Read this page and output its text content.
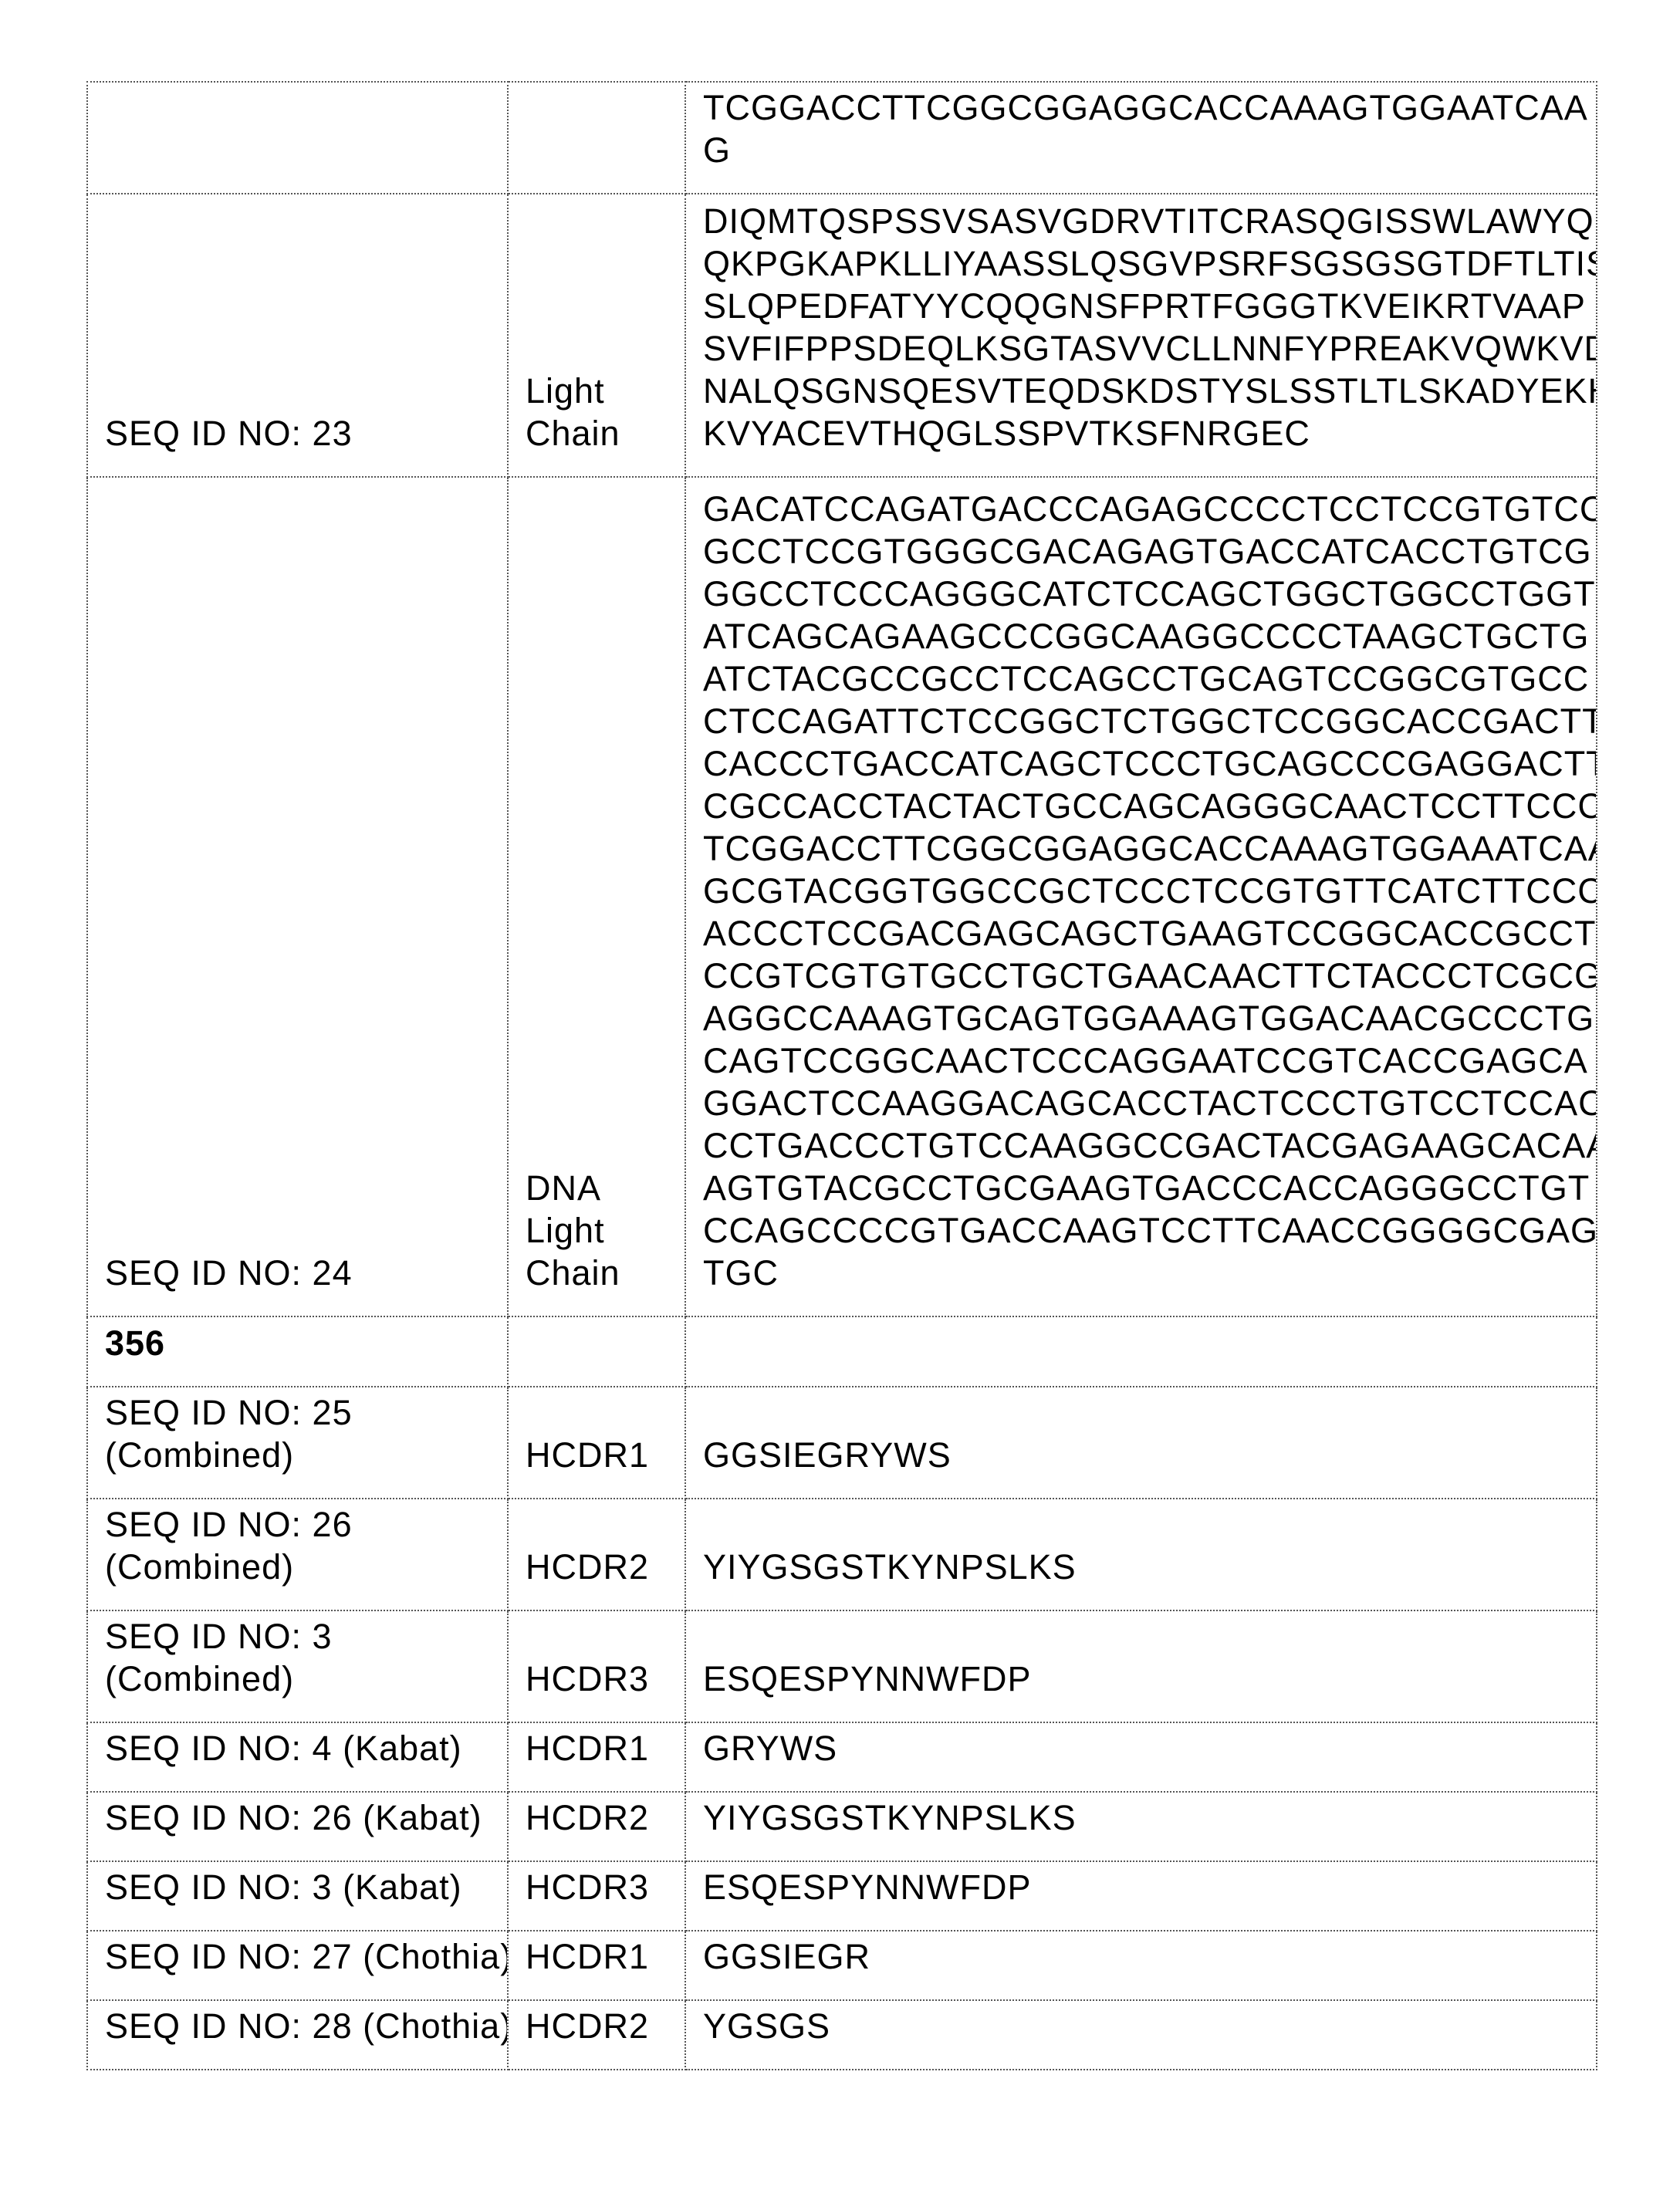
TCGGACCTTCGGCGGAGGCACCAAAGTGGAATCAA
G

SEQ ID NO: 23

Light
Chain

DIQMTQSPSSVSASVGDRVTITCRASQGISSWLAWYQ
QKPGKAPKLLIYAASSLQSGVPSRFSGSGSGTDFTLTIS
SLQPEDFATYYCQQGNSFPRTFGGGTKVEIKRTVAAP
SVFIFPPSDEQLKSGTASVVCLLNNFYPREAKVQWKVD
NALQSGNSQESVTEQDSKDSTYSLSSTLTLSKADYEKH
KVYACEVTHQGLSSPVTKSFNRGEC

SEQ ID NO: 24

DNA
Light
Chain

GACATCCAGATGACCCAGAGCCCCTCCTCCGTGTCC
GCCTCCGTGGGCGACAGAGTGACCATCACCTGTCG
GGCCTCCCAGGGCATCTCCAGCTGGCTGGCCTGGT
ATCAGCAGAAGCCCGGCAAGGCCCCTAAGCTGCTG
ATCTACGCCGCCTCCAGCCTGCAGTCCGGCGTGCC
CTCCAGATTCTCCGGCTCTGGCTCCGGCACCGACTT
CACCCTGACCATCAGCTCCCTGCAGCCCGAGGACTT
CGCCACCTACTACTGCCAGCAGGGCAACTCCTTCCC
TCGGACCTTCGGCGGAGGCACCAAAGTGGAAATCAA
GCGTACGGTGGCCGCTCCCTCCGTGTTCATCTTCCC
ACCCTCCGACGAGCAGCTGAAGTCCGGCACCGCCT
CCGTCGTGTGCCTGCTGAACAACTTCTACCCTCGCG
AGGCCAAAGTGCAGTGGAAAGTGGACAACGCCCTG
CAGTCCGGCAACTCCCAGGAATCCGTCACCGAGCA
GGACTCCAAGGACAGCACCTACTCCCTGTCCTCCAC
CCTGACCCTGTCCAAGGCCGACTACGAGAAGCACAA
AGTGTACGCCTGCGAAGTGACCCACCAGGGCCTGT
CCAGCCCCGTGACCAAGTCCTTCAACCGGGGCGAG
TGC

356

SEQ ID NO: 25
(Combined)	HCDR1	GGSIEGRYWS

SEQ ID NO: 26
(Combined)	HCDR2	YIYGSGSTKYNPSLKS

SEQ ID NO: 3
(Combined)	HCDR3	ESQESPYNNWFDP

SEQ ID NO: 4 (Kabat)	HCDR1	GRYWS

SEQ ID NO: 26 (Kabat)	HCDR2	YIYGSGSTKYNPSLKS

SEQ ID NO: 3 (Kabat)	HCDR3	ESQESPYNNWFDP

SEQ ID NO: 27 (Chothia)	HCDR1	GGSIEGR

SEQ ID NO: 28 (Chothia)	HCDR2	YGSGS
